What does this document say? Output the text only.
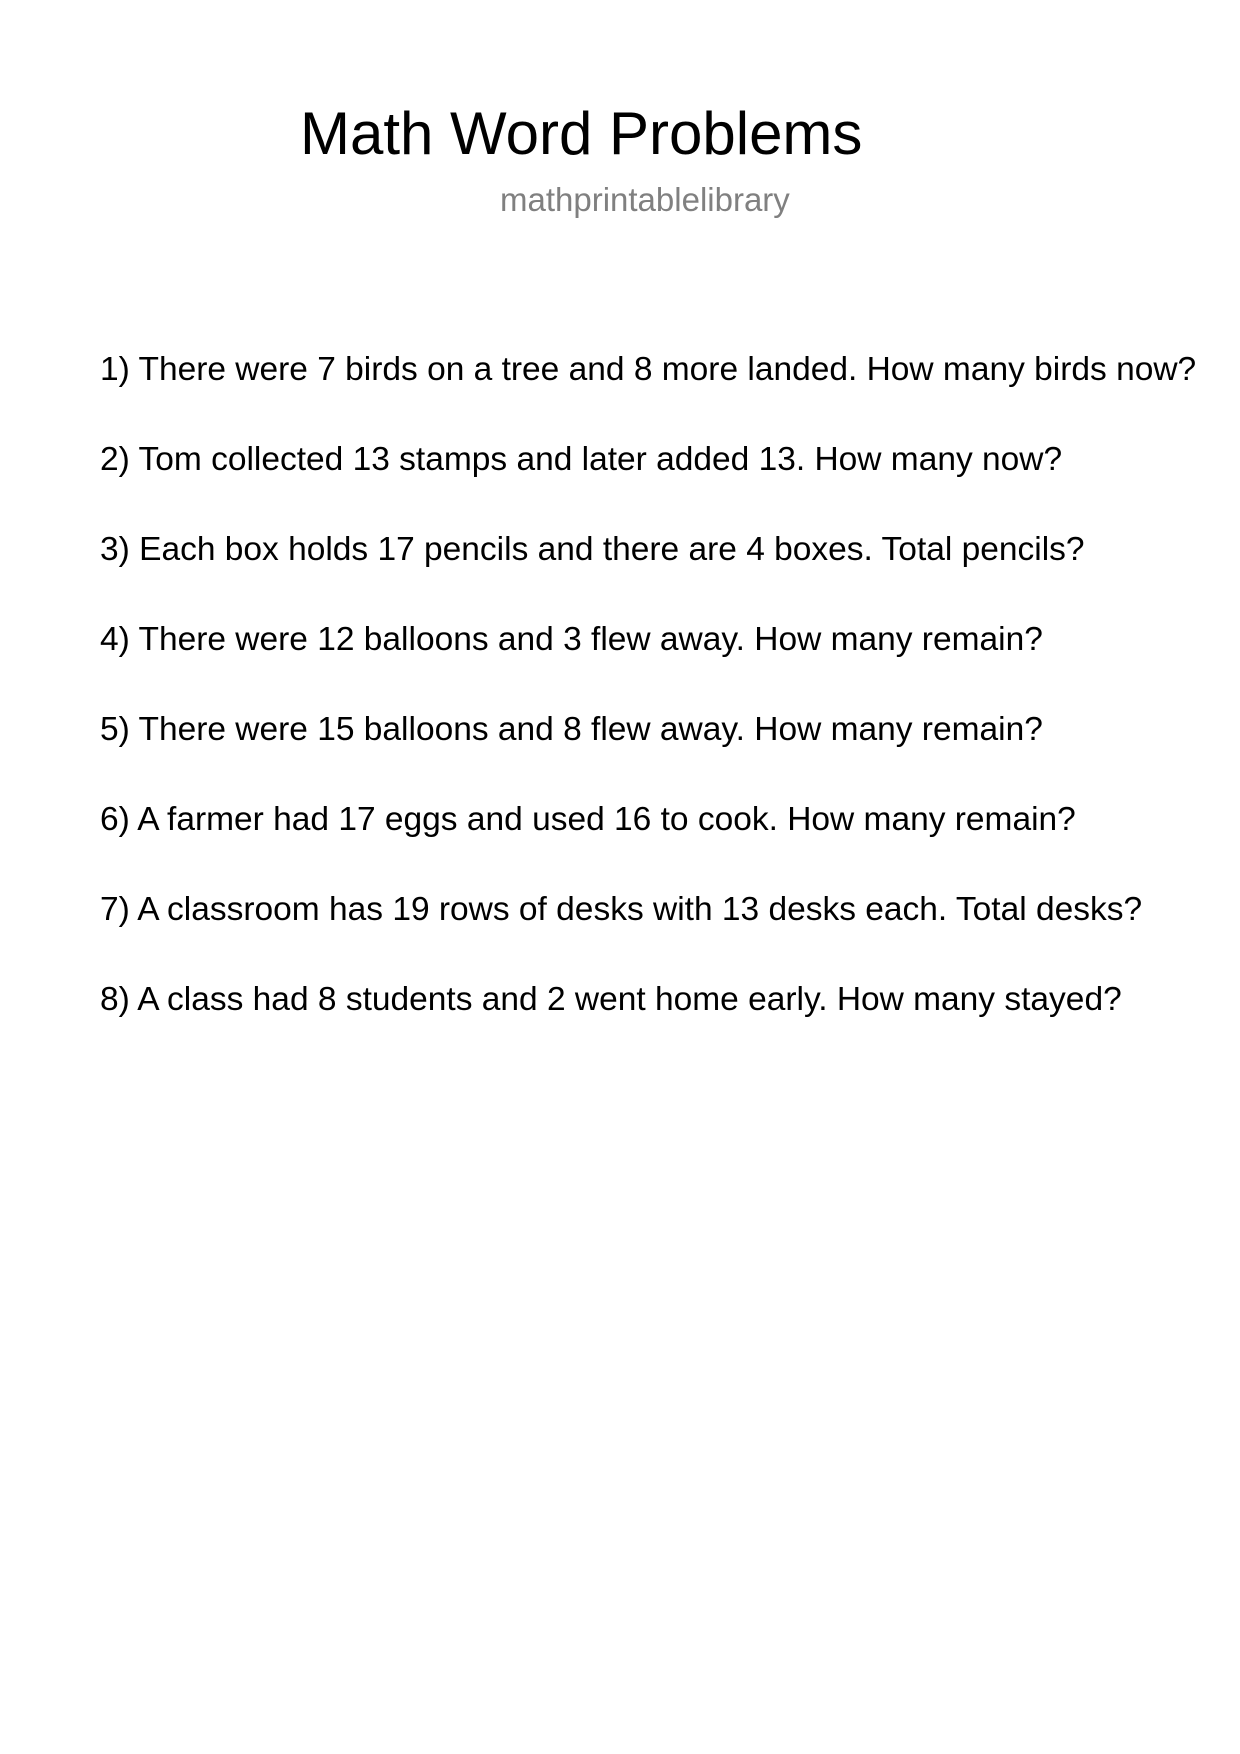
Math Word Problems
mathprintablelibrary
1) There were 7 birds on a tree and 8 more landed. How many birds now?
2) Tom collected 13 stamps and later added 13. How many now?
3) Each box holds 17 pencils and there are 4 boxes. Total pencils?
4) There were 12 balloons and 3 flew away. How many remain?
5) There were 15 balloons and 8 flew away. How many remain?
6) A farmer had 17 eggs and used 16 to cook. How many remain?
7) A classroom has 19 rows of desks with 13 desks each. Total desks?
8) A class had 8 students and 2 went home early. How many stayed?
